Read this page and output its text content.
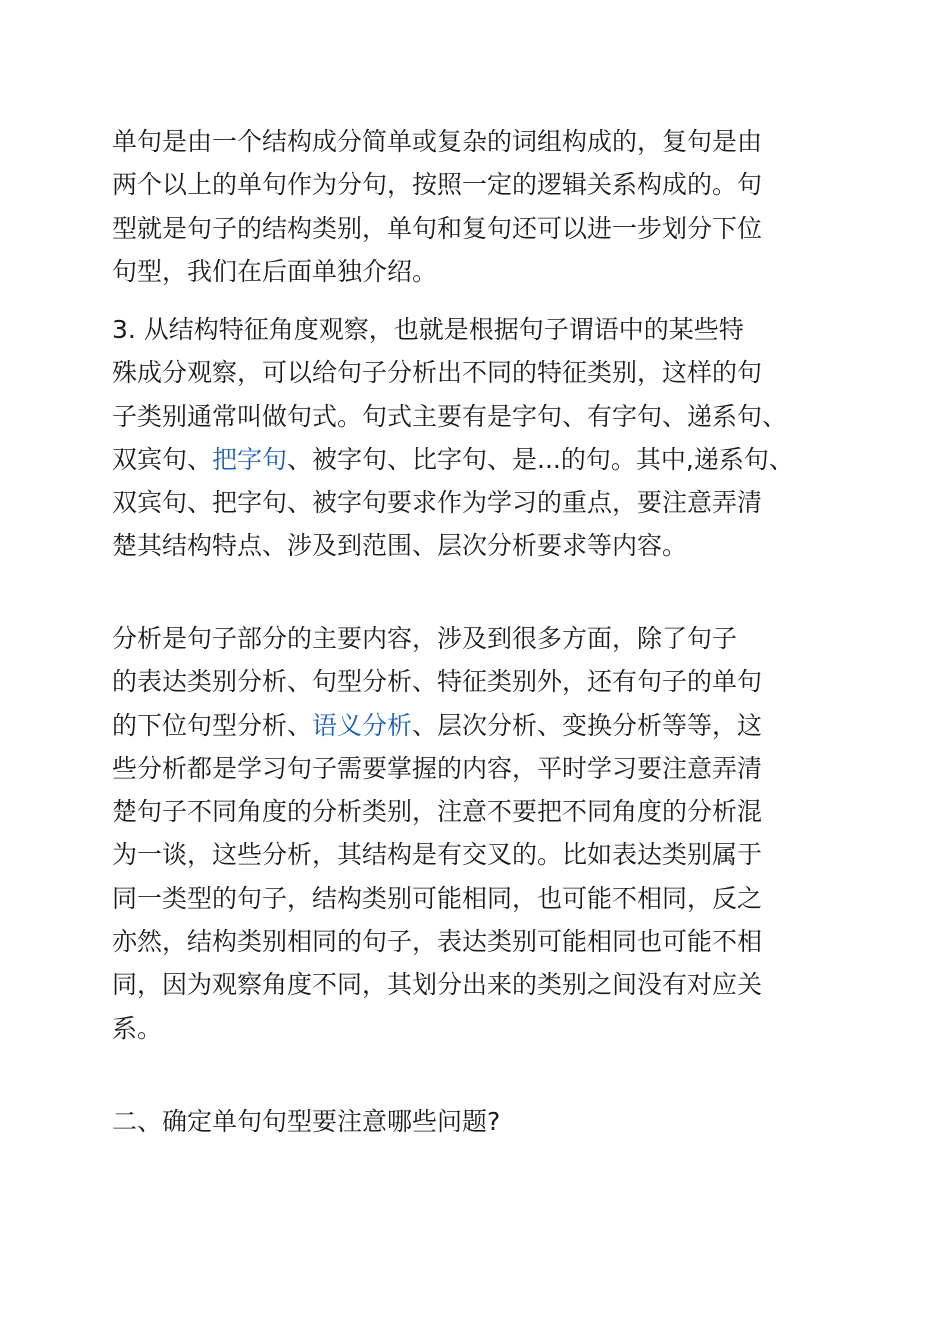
单句是由一个结构成分简单或复杂的词组构成的，复句是由
两个以上的单句作为分句，按照一定的逻辑关系构成的。句
型就是句子的结构类别，单句和复句还可以进一步划分下位
句型，我们在后面单独介绍。

3. 从结构特征角度观察，也就是根据句子谓语中的某些特
殊成分观察，可以给句子分析出不同的特征类别，这样的句
子类别通常叫做句式。句式主要有是字句、有字句、递系句、
双宾句、把字句、被字句、比字句、是...的句。其中,递系句、
双宾句、把字句、被字句要求作为学习的重点，要注意弄清
楚其结构特点、涉及到范围、层次分析要求等内容。

分析是句子部分的主要内容，涉及到很多方面，除了句子
的表达类别分析、句型分析、特征类别外，还有句子的单句
的下位句型分析、语义分析、层次分析、变换分析等等，这
些分析都是学习句子需要掌握的内容，平时学习要注意弄清
楚句子不同角度的分析类别，注意不要把不同角度的分析混
为一谈，这些分析，其结构是有交叉的。比如表达类别属于
同一类型的句子，结构类别可能相同，也可能不相同，反之
亦然，结构类别相同的句子，表达类别可能相同也可能不相
同，因为观察角度不同，其划分出来的类别之间没有对应关
系。

二、确定单句句型要注意哪些问题?
